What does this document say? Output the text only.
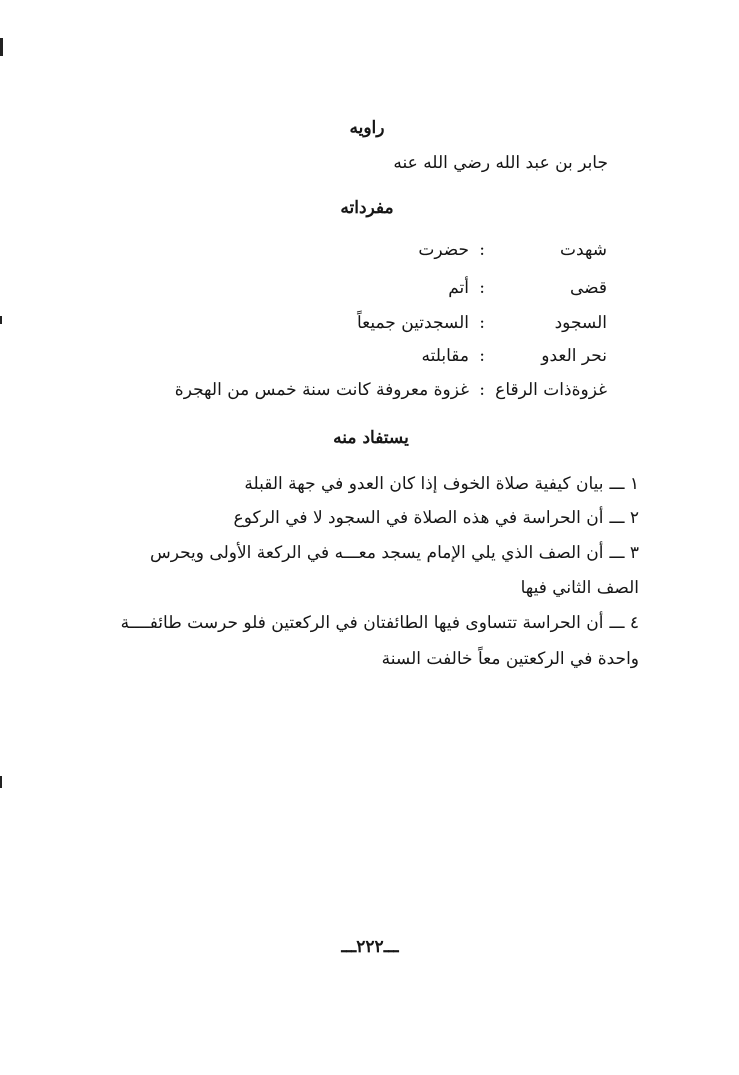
راويه
جابر بن عبد الله رضي الله عنه
مفرداته
شهدت
:
حضرت
قضى
:
أتم
السجود
:
السجدتين جميعاً
نحر العدو
:
مقابلته
غزوةذات الرقاع
:
غزوة معروفة كانت سنة خمس من الهجرة
يستفاد منه
١ ـــبيان كيفية صلاة الخوف إذا كان العدو في جهة القبلة
٢ ـــأن الحراسة في هذه الصلاة في السجود لا في الركوع
٣ ـــأن الصف الذي يلي الإمام يسجد معـــه في الركعة الأولى ويحرس
الصف الثاني فيها
٤ ـــأن الحراسة تتساوى فيها الطائفتان في الركعتين فلو حرست طائفــــة
واحدة في الركعتين معاً خالفت السنة
ـــ٢٢٢ـــ
